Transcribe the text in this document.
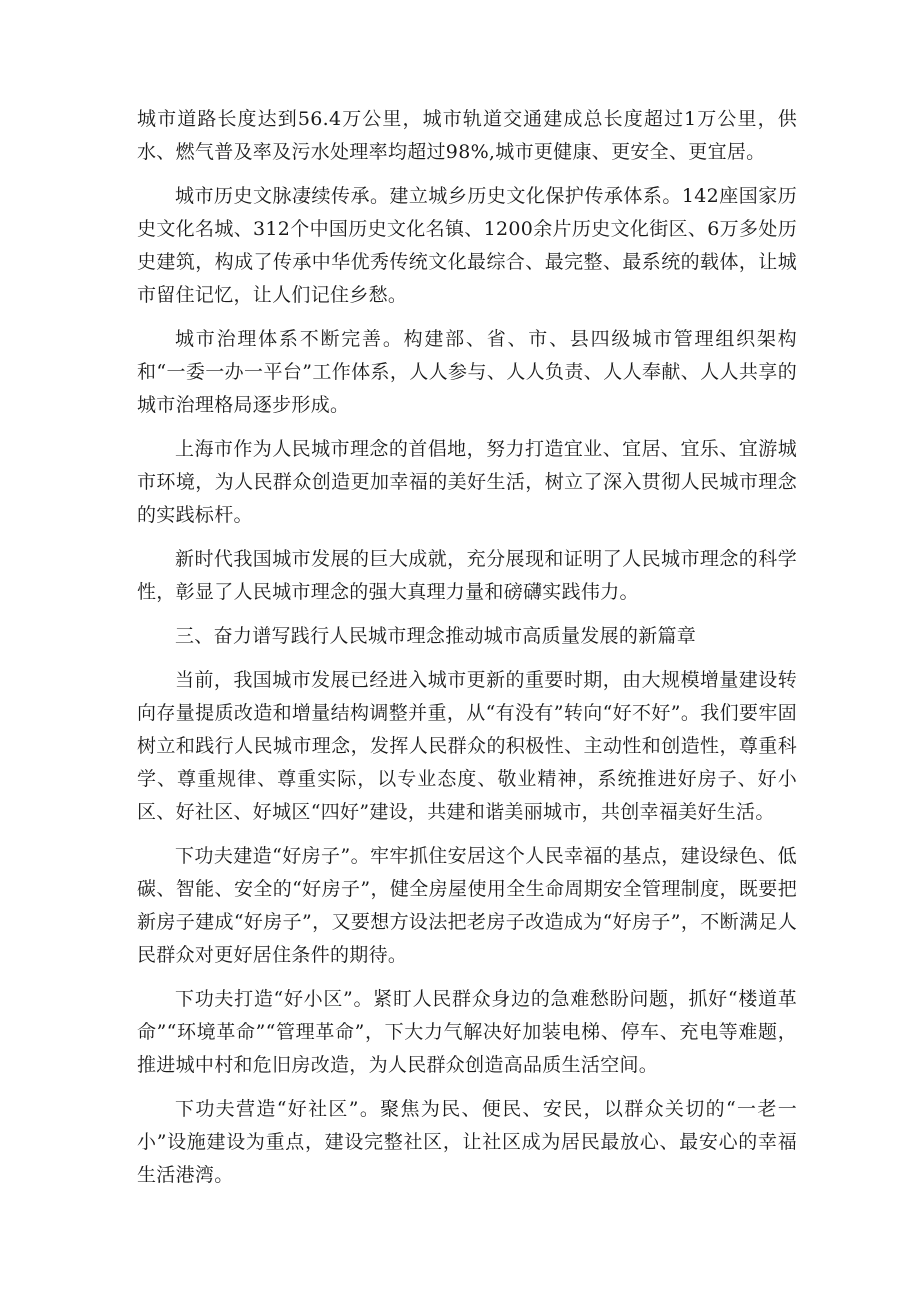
城市道路长度达到56.4万公里，城市轨道交通建成总长度超过1万公里，供水、燃气普及率及污水处理率均超过98%,城市更健康、更安全、更宜居。

城市历史文脉凄续传承。建立城乡历史文化保护传承体系。142座国家历史文化名城、312个中国历史文化名镇、1200余片历史文化街区、6万多处历史建筑，构成了传承中华优秀传统文化最综合、最完整、最系统的载体，让城市留住记忆，让人们记住乡愁。

城市治理体系不断完善。构建部、省、市、县四级城市管理组织架构和“一委一办一平台”工作体系，人人参与、人人负责、人人奉献、人人共享的城市治理格局逐步形成。

上海市作为人民城市理念的首倡地，努力打造宜业、宜居、宜乐、宜游城市环境，为人民群众创造更加幸福的美好生活，树立了深入贯彻人民城市理念的实践标杆。

新时代我国城市发展的巨大成就，充分展现和证明了人民城市理念的科学性，彰显了人民城市理念的强大真理力量和磅礴实践伟力。

三、奋力谱写践行人民城市理念推动城市高质量发展的新篇章

当前，我国城市发展已经进入城市更新的重要时期，由大规模增量建设转向存量提质改造和增量结构调整并重，从“有没有”转向“好不好”。我们要牢固树立和践行人民城市理念，发挥人民群众的积极性、主动性和创造性，尊重科学、尊重规律、尊重实际，以专业态度、敬业精神，系统推进好房子、好小区、好社区、好城区“四好”建设，共建和谐美丽城市，共创幸福美好生活。

下功夫建造“好房子”。牢牢抓住安居这个人民幸福的基点，建设绿色、低碳、智能、安全的“好房子”，健全房屋使用全生命周期安全管理制度，既要把新房子建成“好房子”，又要想方设法把老房子改造成为“好房子”，不断满足人民群众对更好居住条件的期待。

下功夫打造“好小区”。紧盯人民群众身边的急难愁盼问题，抓好“楼道革命”“环境革命”“管理革命”，下大力气解决好加装电梯、停车、充电等难题，推进城中村和危旧房改造，为人民群众创造高品质生活空间。

下功夫营造“好社区”。聚焦为民、便民、安民，以群众关切的“一老一小”设施建设为重点，建设完整社区，让社区成为居民最放心、最安心的幸福生活港湾。
